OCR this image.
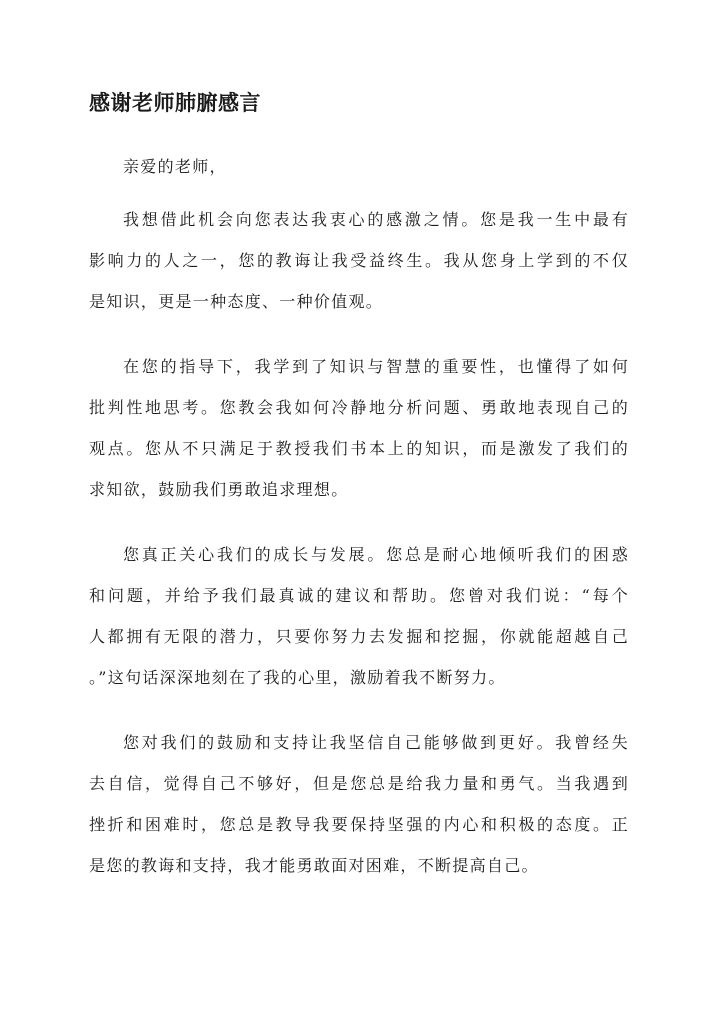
感谢老师肺腑感言

亲爱的老师，

我想借此机会向您表达我衷心的感激之情。您是我一生中最有
影响力的人之一，您的教诲让我受益终生。我从您身上学到的不仅
是知识，更是一种态度、一种价值观。

在您的指导下，我学到了知识与智慧的重要性，也懂得了如何
批判性地思考。您教会我如何冷静地分析问题、勇敢地表现自己的
观点。您从不只满足于教授我们书本上的知识，而是激发了我们的
求知欲，鼓励我们勇敢追求理想。

您真正关心我们的成长与发展。您总是耐心地倾听我们的困惑
和问题，并给予我们最真诚的建议和帮助。您曾对我们说：“每个
人都拥有无限的潜力，只要你努力去发掘和挖掘，你就能超越自己
。”这句话深深地刻在了我的心里，激励着我不断努力。

您对我们的鼓励和支持让我坚信自己能够做到更好。我曾经失
去自信，觉得自己不够好，但是您总是给我力量和勇气。当我遇到
挫折和困难时，您总是教导我要保持坚强的内心和积极的态度。正
是您的教诲和支持，我才能勇敢面对困难，不断提高自己。
